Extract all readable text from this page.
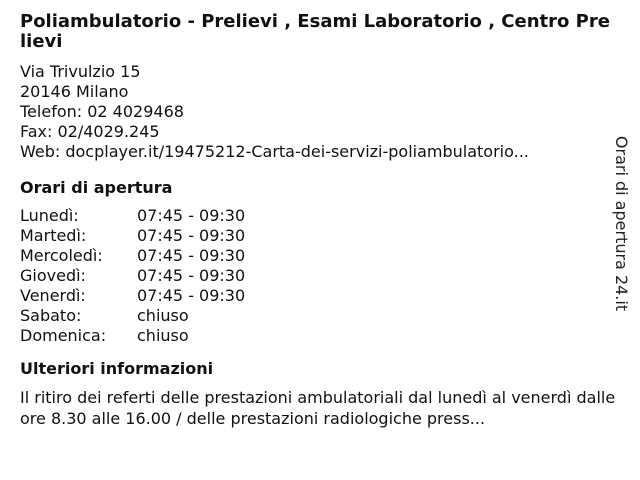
Poliambulatorio - Prelievi , Esami Laboratorio , Centro Prelievi
Via Trivulzio 15
20146 Milano
Telefon: 02 4029468
Fax: 02/4029.245
Web: docplayer.it/19475212-Carta-dei-servizi-poliambulatorio...
Orari di apertura
Lunedì:	07:45 - 09:30
Martedì:	07:45 - 09:30
Mercoledì:	07:45 - 09:30
Giovedì:	07:45 - 09:30
Venerdì:	07:45 - 09:30
Sabato:	chiuso
Domenica:	chiuso
Ulteriori informazioni
Il ritiro dei referti delle prestazioni ambulatoriali dal lunedì al venerdì dalle ore 8.30 alle 16.00 / delle prestazioni radiologiche press...
Orari di apertura 24.it
